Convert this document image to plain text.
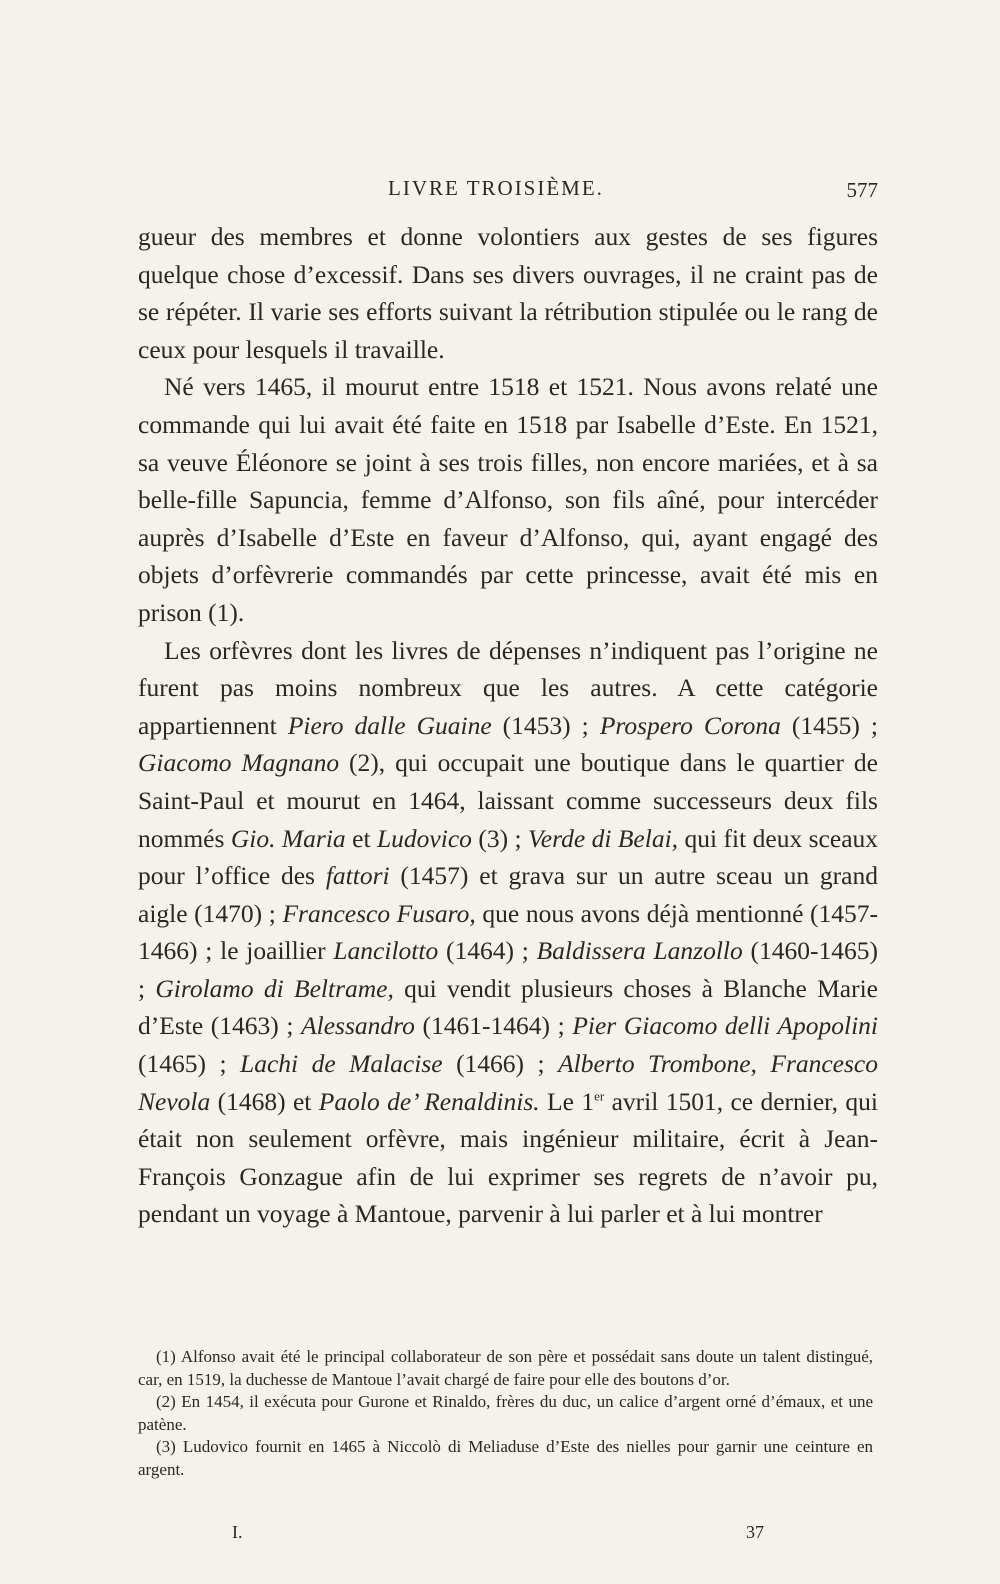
LIVRE TROISIÈME.	577

gueur des membres et donne volontiers aux gestes de ses figures quelque chose d’excessif. Dans ses divers ouvrages, il ne craint pas de se répéter. Il varie ses efforts suivant la rétribution stipulée ou le rang de ceux pour lesquels il travaille.

Né vers 1465, il mourut entre 1518 et 1521. Nous avons relaté une commande qui lui avait été faite en 1518 par Isabelle d’Este. En 1521, sa veuve Éléonore se joint à ses trois filles, non encore mariées, et à sa belle-fille Sapuncia, femme d’Alfonso, son fils aîné, pour intercéder auprès d’Isabelle d’Este en faveur d’Alfonso, qui, ayant engagé des objets d’orfèvrerie commandés par cette princesse, avait été mis en prison (1).

Les orfèvres dont les livres de dépenses n’indiquent pas l’origine ne furent pas moins nombreux que les autres. A cette catégorie appartiennent Piero dalle Guaine (1453) ; Prospero Corona (1455) ; Giacomo Magnano (2), qui occupait une boutique dans le quartier de Saint-Paul et mourut en 1464, laissant comme successeurs deux fils nommés Gio. Maria et Ludovico (3) ; Verde di Belai, qui fit deux sceaux pour l’office des fattori (1457) et grava sur un autre sceau un grand aigle (1470) ; Francesco Fusaro, que nous avons déjà mentionné (1457-1466) ; le joaillier Lancilotto (1464) ; Baldissera Lanzollo (1460-1465) ; Girolamo di Beltrame, qui vendit plusieurs choses à Blanche Marie d’Este (1463) ; Alessandro (1461-1464) ; Pier Giacomo delli Apopolini (1465) ; Lachi de Malacise (1466) ; Alberto Trombone, Francesco Nevola (1468) et Paolo de’ Renaldinis. Le 1er avril 1501, ce dernier, qui était non seulement orfèvre, mais ingénieur militaire, écrit à Jean-François Gonzague afin de lui exprimer ses regrets de n’avoir pu, pendant un voyage à Mantoue, parvenir à lui parler et à lui montrer

(1) Alfonso avait été le principal collaborateur de son père et possédait sans doute un talent distingué, car, en 1519, la duchesse de Mantoue l’avait chargé de faire pour elle des boutons d’or.

(2) En 1454, il exécuta pour Gurone et Rinaldo, frères du duc, un calice d’argent orné d’émaux, et une patène.

(3) Ludovico fournit en 1465 à Niccolò di Meliaduse d’Este des nielles pour garnir une ceinture en argent.

I.	37
